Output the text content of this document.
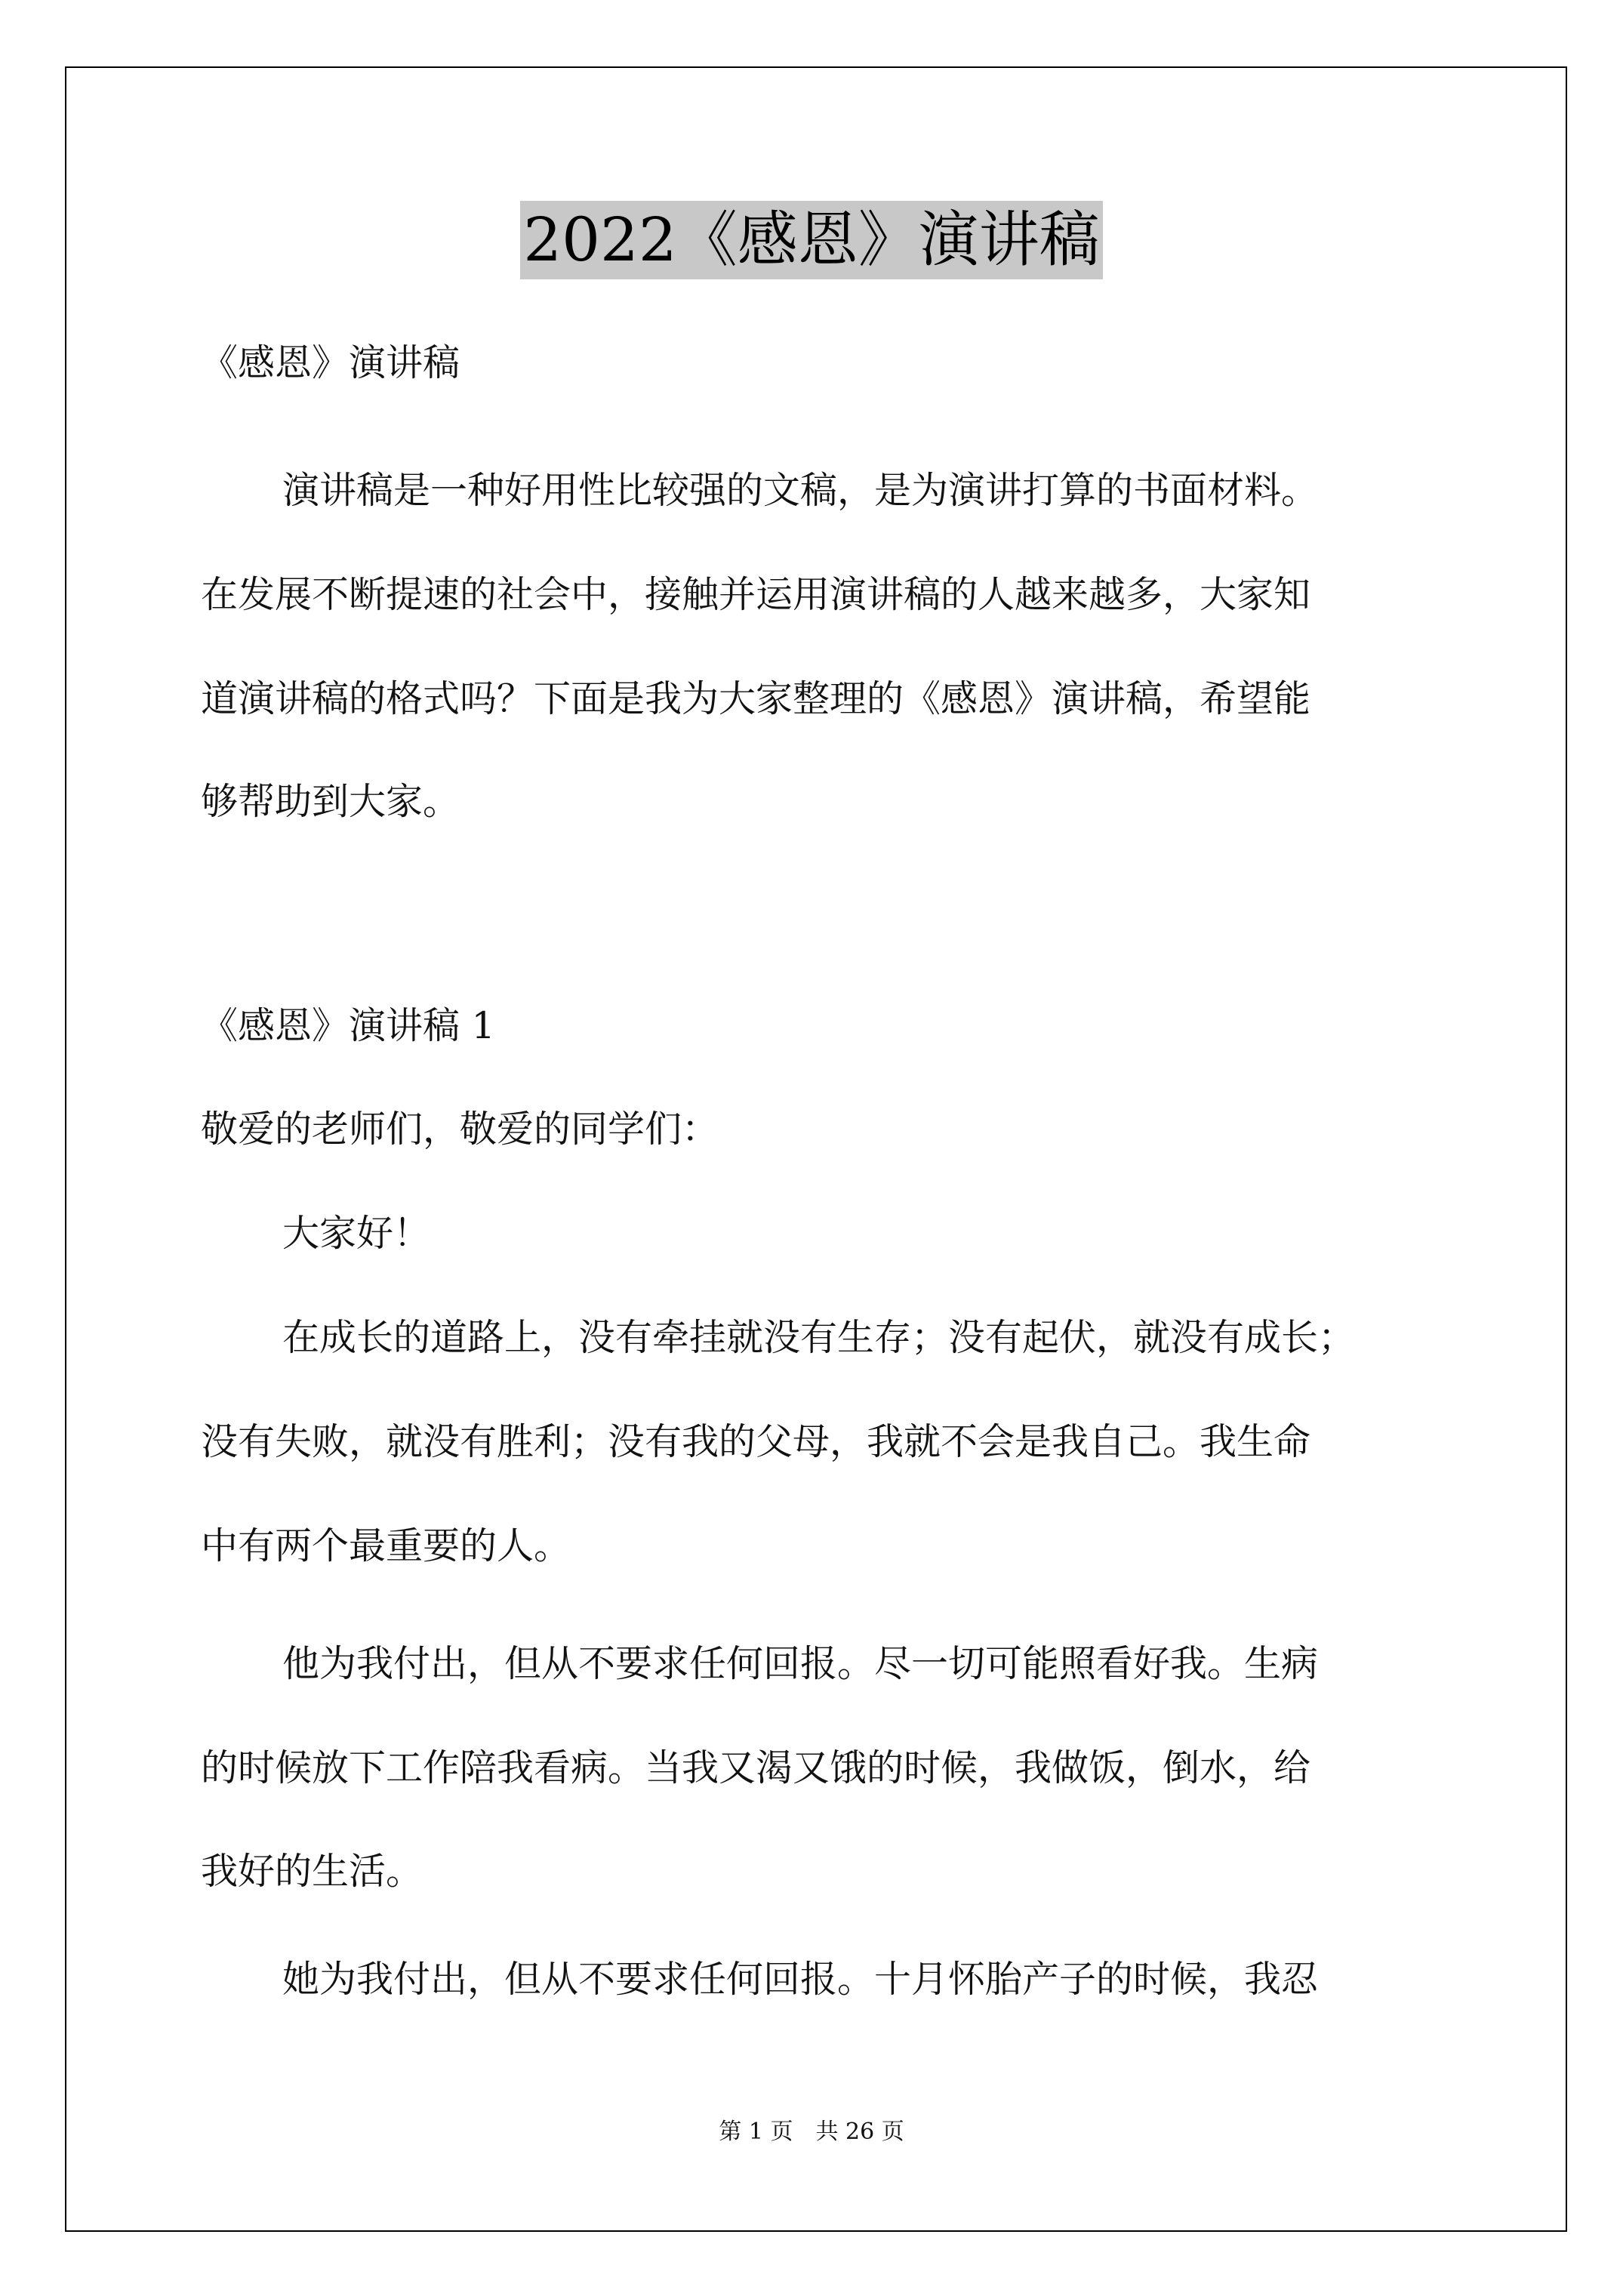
2022《感恩》演讲稿
《感恩》演讲稿
演讲稿是一种好用性比较强的文稿，是为演讲打算的书面材料。
在发展不断提速的社会中，接触并运用演讲稿的人越来越多，大家知
道演讲稿的格式吗？下面是我为大家整理的《感恩》演讲稿，希望能
够帮助到大家。
《感恩》演讲稿 1
敬爱的老师们，敬爱的同学们：
大家好！
在成长的道路上，没有牵挂就没有生存；没有起伏，就没有成长；
没有失败，就没有胜利；没有我的父母，我就不会是我自己。我生命
中有两个最重要的人。
他为我付出，但从不要求任何回报。尽一切可能照看好我。生病
的时候放下工作陪我看病。当我又渴又饿的时候，我做饭，倒水，给
我好的生活。
她为我付出，但从不要求任何回报。十月怀胎产子的时候，我忍
第 1 页　共 26 页
